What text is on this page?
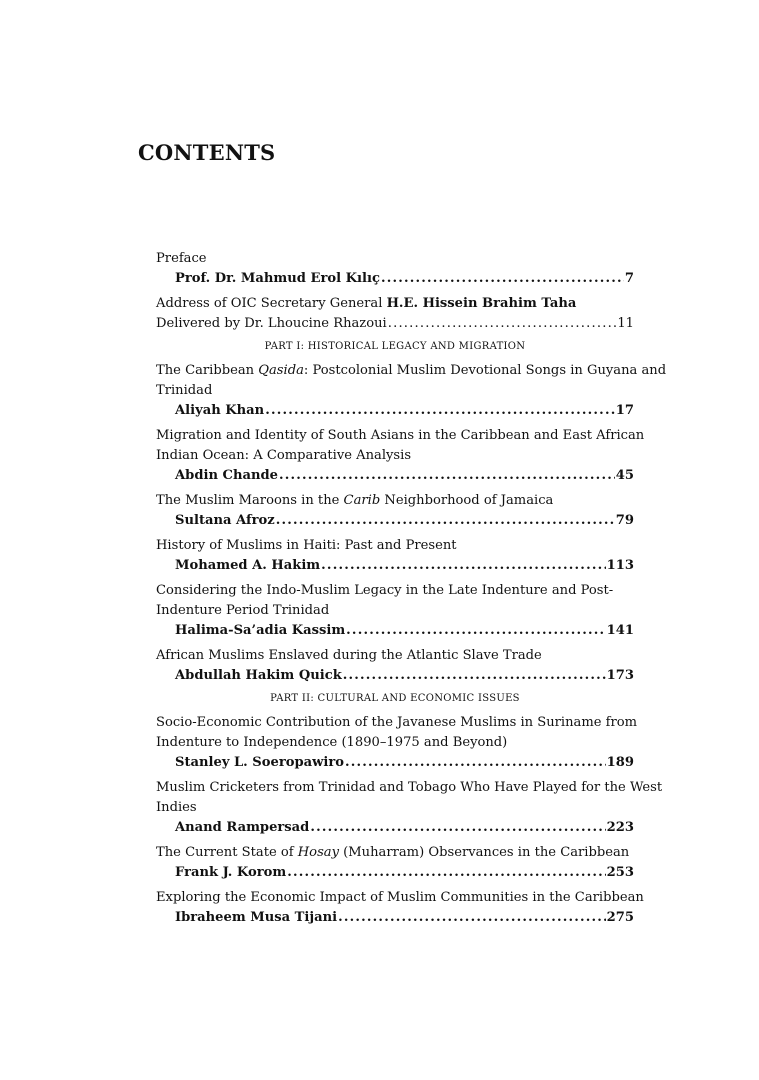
CONTENTS
Preface
Prof. Dr. Mahmud Erol Kılıç .....	7
Address of OIC Secretary General H.E. Hissein Brahim Taha
Delivered by Dr. Lhoucine Rhazoui .....	11
PART I: HISTORICAL LEGACY AND MIGRATION
The Caribbean Qasida: Postcolonial Muslim Devotional Songs in Guyana and
Trinidad
Aliyah Khan .....	17
Migration and Identity of South Asians in the Caribbean and East African
Indian Ocean: A Comparative Analysis
Abdin Chande .....	45
The Muslim Maroons in the Carib Neighborhood of Jamaica
Sultana Afroz .....	79
History of Muslims in Haiti: Past and Present
Mohamed A. Hakim .....	113
Considering the Indo-Muslim Legacy in the Late Indenture and Post-
Indenture Period Trinidad
Halima-Sa’adia Kassim .....	141
African Muslims Enslaved during the Atlantic Slave Trade
Abdullah Hakim Quick .....	173
PART II: CULTURAL AND ECONOMIC ISSUES
Socio-Economic Contribution of the Javanese Muslims in Suriname from
Indenture to Independence (1890–1975 and Beyond)
Stanley L. Soeropawiro .....	189
Muslim Cricketers from Trinidad and Tobago Who Have Played for the West
Indies
Anand Rampersad .....	223
The Current State of Hosay (Muharram) Observances in the Caribbean
Frank J. Korom .....	253
Exploring the Economic Impact of Muslim Communities in the Caribbean
Ibraheem Musa Tijani .....	275
